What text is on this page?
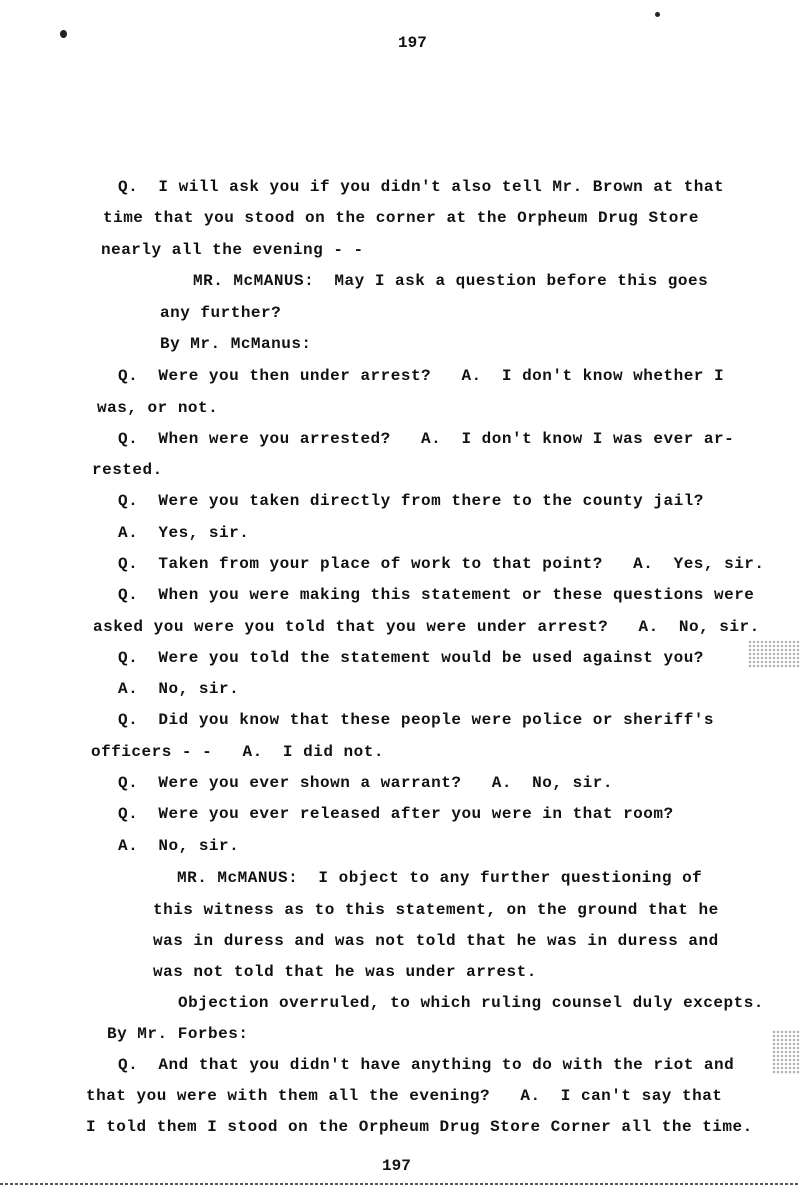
197
Q.  I will ask you if you didn't also tell Mr. Brown at that
time that you stood on the corner at the Orpheum Drug Store
nearly all the evening - -
MR. McMANUS:  May I ask a question before this goes
any further?
By Mr. McManus:
Q.  Were you then under arrest?   A.  I don't know whether I
was, or not.
Q.  When were you arrested?   A.  I don't know I was ever ar-
rested.
Q.  Were you taken directly from there to the county jail?
A.  Yes, sir.
Q.  Taken from your place of work to that point?   A.  Yes, sir.
Q.  When you were making this statement or these questions were
asked you were you told that you were under arrest?   A.  No, sir.
Q.  Were you told the statement would be used against you?
A.  No, sir.
Q.  Did you know that these people were police or sheriff's
officers - -   A.  I did not.
Q.  Were you ever shown a warrant?   A.  No, sir.
Q.  Were you ever released after you were in that room?
A.  No, sir.
MR. McMANUS:  I object to any further questioning of
this witness as to this statement, on the ground that he
was in duress and was not told that he was in duress and
was not told that he was under arrest.
Objection overruled, to which ruling counsel duly excepts.
By Mr. Forbes:
Q.  And that you didn't have anything to do with the riot and
that you were with them all the evening?   A.  I can't say that
I told them I stood on the Orpheum Drug Store Corner all the time.
197
